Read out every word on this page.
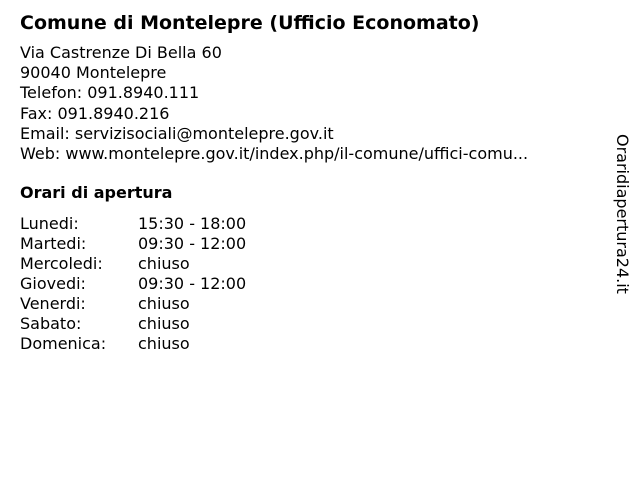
Comune di Montelepre (Ufficio Economato)
Via Castrenze Di Bella 60
90040 Montelepre
Telefon: 091.8940.111
Fax: 091.8940.216
Email: servizisociali@montelepre.gov.it
Web: www.montelepre.gov.it/index.php/il-comune/uffici-comu...
Orari di apertura
Lunedi:	15:30 - 18:00
Martedi:	09:30 - 12:00
Mercoledi: chiuso
Giovedi:	09:30 - 12:00
Venerdi:	chiuso
Sabato:	chiuso
Domenica: chiuso
Oraridiapertura24.it
